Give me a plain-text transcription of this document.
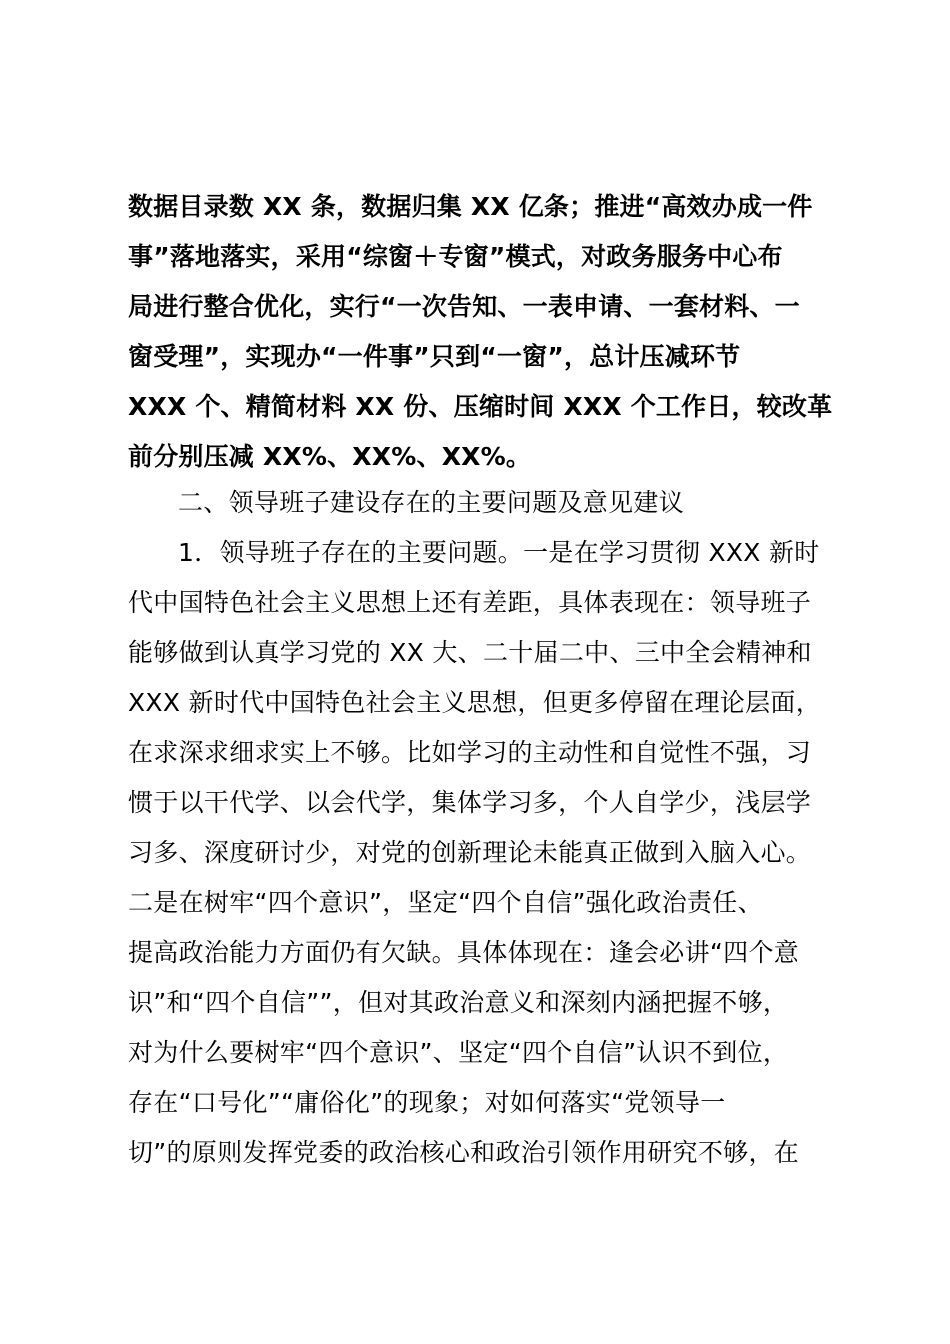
数据目录数 XX 条，数据归集 XX 亿条；推进“高效办成一件
事”落地落实，采用“综窗＋专窗”模式，对政务服务中心布
局进行整合优化，实行“一次告知、一表申请、一套材料、一
窗受理”，实现办“一件事”只到“一窗”，总计压减环节
XXX 个、精简材料 XX 份、压缩时间 XXX 个工作日，较改革
前分别压减 XX%、XX%、XX%。
二、领导班子建设存在的主要问题及意见建议
1．领导班子存在的主要问题。一是在学习贯彻 XXX 新时
代中国特色社会主义思想上还有差距，具体表现在：领导班子
能够做到认真学习党的 XX 大、二十届二中、三中全会精神和
XXX 新时代中国特色社会主义思想，但更多停留在理论层面，
在求深求细求实上不够。比如学习的主动性和自觉性不强，习
惯于以干代学、以会代学，集体学习多，个人自学少，浅层学
习多、深度研讨少，对党的创新理论未能真正做到入脑入心。
二是在树牢“四个意识”，坚定“四个自信”强化政治责任、
提高政治能力方面仍有欠缺。具体体现在：逢会必讲“四个意
识”和“四个自信””，但对其政治意义和深刻内涵把握不够，
对为什么要树牢“四个意识”、坚定“四个自信”认识不到位，
存在“口号化”“庸俗化”的现象；对如何落实“党领导一
切”的原则发挥党委的政治核心和政治引领作用研究不够，在
